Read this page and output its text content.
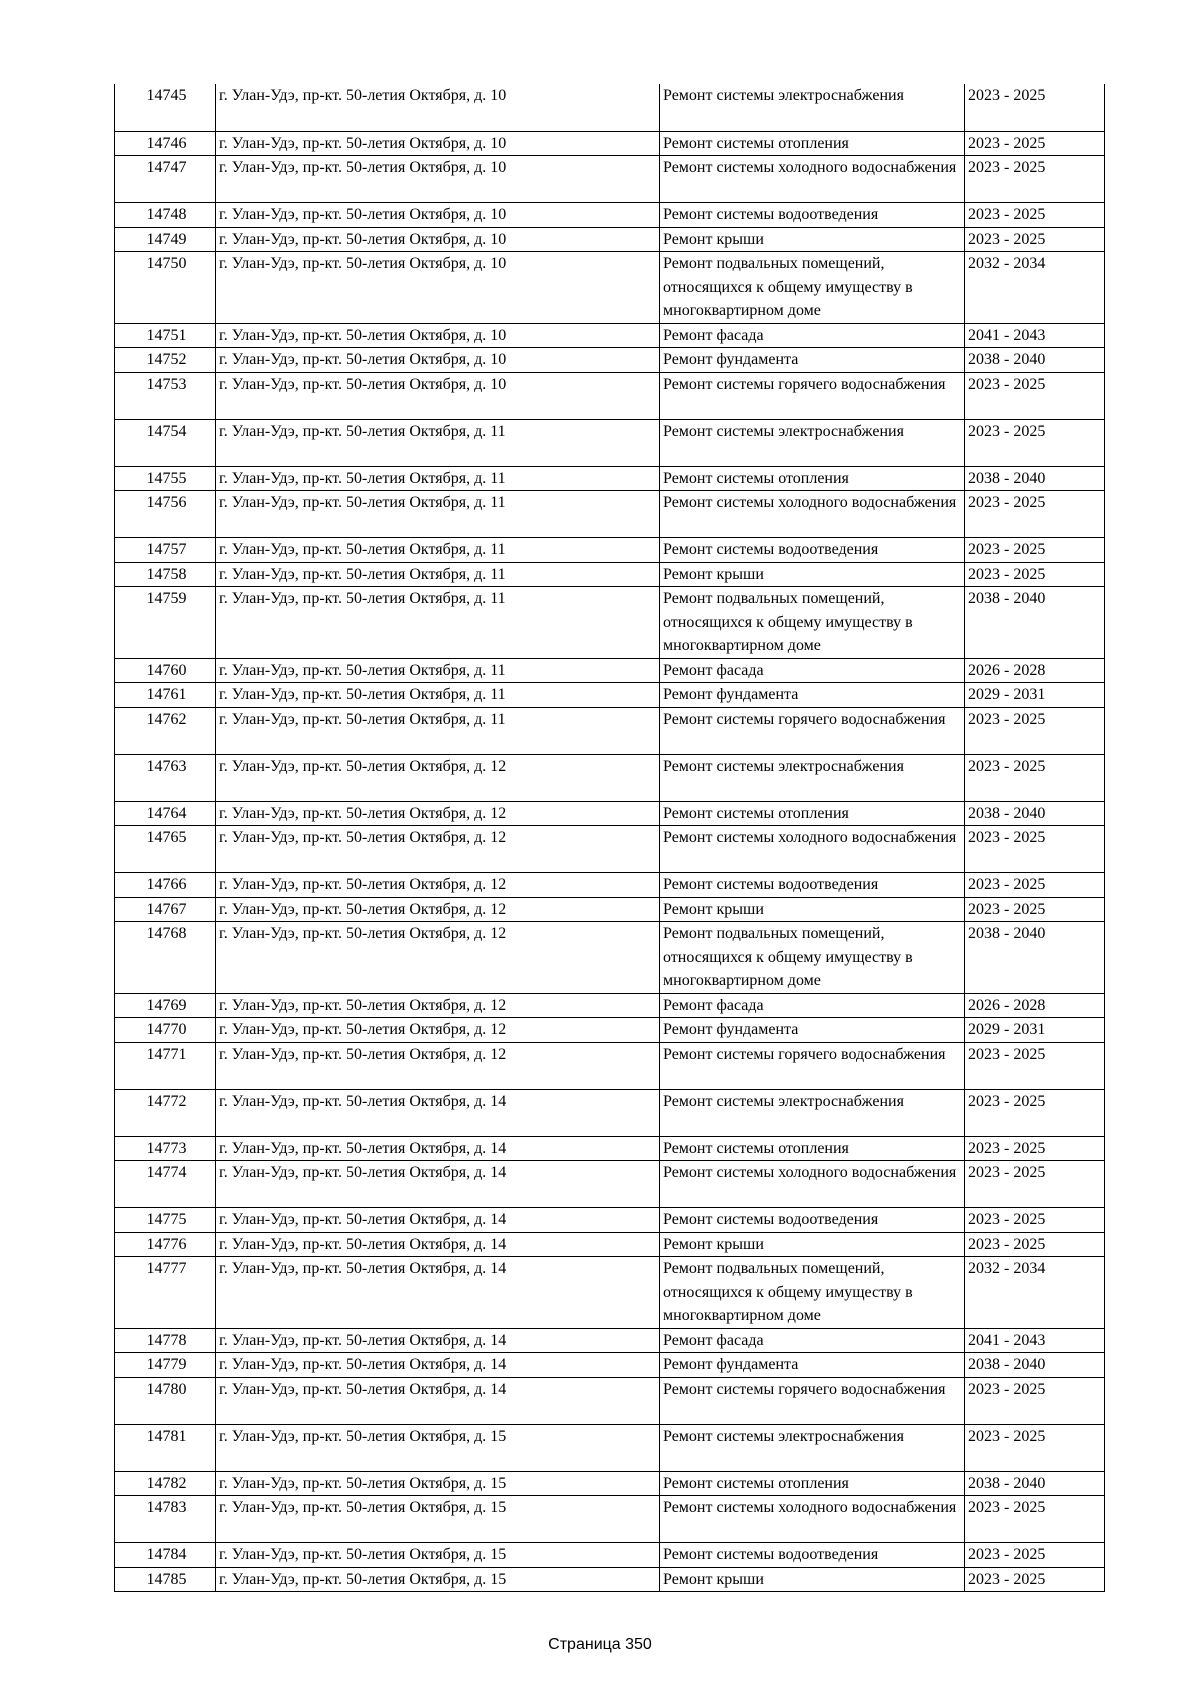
14745	г. Улан-Удэ, пр-кт. 50-летия Октября, д. 10	Ремонт системы электроснабжения	2023 - 2025
14746	г. Улан-Удэ, пр-кт. 50-летия Октября, д. 10	Ремонт системы отопления	2023 - 2025
14747	г. Улан-Удэ, пр-кт. 50-летия Октября, д. 10	Ремонт системы холодного водоснабжения	2023 - 2025
14748	г. Улан-Удэ, пр-кт. 50-летия Октября, д. 10	Ремонт системы водоотведения	2023 - 2025
14749	г. Улан-Удэ, пр-кт. 50-летия Октября, д. 10	Ремонт крыши	2023 - 2025
14750	г. Улан-Удэ, пр-кт. 50-летия Октября, д. 10	Ремонт подвальных помещений, относящихся к общему имуществу в многоквартирном доме	2032 - 2034
14751	г. Улан-Удэ, пр-кт. 50-летия Октября, д. 10	Ремонт фасада	2041 - 2043
14752	г. Улан-Удэ, пр-кт. 50-летия Октября, д. 10	Ремонт фундамента	2038 - 2040
14753	г. Улан-Удэ, пр-кт. 50-летия Октября, д. 10	Ремонт системы горячего водоснабжения	2023 - 2025
14754	г. Улан-Удэ, пр-кт. 50-летия Октября, д. 11	Ремонт системы электроснабжения	2023 - 2025
14755	г. Улан-Удэ, пр-кт. 50-летия Октября, д. 11	Ремонт системы отопления	2038 - 2040
14756	г. Улан-Удэ, пр-кт. 50-летия Октября, д. 11	Ремонт системы холодного водоснабжения	2023 - 2025
14757	г. Улан-Удэ, пр-кт. 50-летия Октября, д. 11	Ремонт системы водоотведения	2023 - 2025
14758	г. Улан-Удэ, пр-кт. 50-летия Октября, д. 11	Ремонт крыши	2023 - 2025
14759	г. Улан-Удэ, пр-кт. 50-летия Октября, д. 11	Ремонт подвальных помещений, относящихся к общему имуществу в многоквартирном доме	2038 - 2040
14760	г. Улан-Удэ, пр-кт. 50-летия Октября, д. 11	Ремонт фасада	2026 - 2028
14761	г. Улан-Удэ, пр-кт. 50-летия Октября, д. 11	Ремонт фундамента	2029 - 2031
14762	г. Улан-Удэ, пр-кт. 50-летия Октября, д. 11	Ремонт системы горячего водоснабжения	2023 - 2025
14763	г. Улан-Удэ, пр-кт. 50-летия Октября, д. 12	Ремонт системы электроснабжения	2023 - 2025
14764	г. Улан-Удэ, пр-кт. 50-летия Октября, д. 12	Ремонт системы отопления	2038 - 2040
14765	г. Улан-Удэ, пр-кт. 50-летия Октября, д. 12	Ремонт системы холодного водоснабжения	2023 - 2025
14766	г. Улан-Удэ, пр-кт. 50-летия Октября, д. 12	Ремонт системы водоотведения	2023 - 2025
14767	г. Улан-Удэ, пр-кт. 50-летия Октября, д. 12	Ремонт крыши	2023 - 2025
14768	г. Улан-Удэ, пр-кт. 50-летия Октября, д. 12	Ремонт подвальных помещений, относящихся к общему имуществу в многоквартирном доме	2038 - 2040
14769	г. Улан-Удэ, пр-кт. 50-летия Октября, д. 12	Ремонт фасада	2026 - 2028
14770	г. Улан-Удэ, пр-кт. 50-летия Октября, д. 12	Ремонт фундамента	2029 - 2031
14771	г. Улан-Удэ, пр-кт. 50-летия Октября, д. 12	Ремонт системы горячего водоснабжения	2023 - 2025
14772	г. Улан-Удэ, пр-кт. 50-летия Октября, д. 14	Ремонт системы электроснабжения	2023 - 2025
14773	г. Улан-Удэ, пр-кт. 50-летия Октября, д. 14	Ремонт системы отопления	2023 - 2025
14774	г. Улан-Удэ, пр-кт. 50-летия Октября, д. 14	Ремонт системы холодного водоснабжения	2023 - 2025
14775	г. Улан-Удэ, пр-кт. 50-летия Октября, д. 14	Ремонт системы водоотведения	2023 - 2025
14776	г. Улан-Удэ, пр-кт. 50-летия Октября, д. 14	Ремонт крыши	2023 - 2025
14777	г. Улан-Удэ, пр-кт. 50-летия Октября, д. 14	Ремонт подвальных помещений, относящихся к общему имуществу в многоквартирном доме	2032 - 2034
14778	г. Улан-Удэ, пр-кт. 50-летия Октября, д. 14	Ремонт фасада	2041 - 2043
14779	г. Улан-Удэ, пр-кт. 50-летия Октября, д. 14	Ремонт фундамента	2038 - 2040
14780	г. Улан-Удэ, пр-кт. 50-летия Октября, д. 14	Ремонт системы горячего водоснабжения	2023 - 2025
14781	г. Улан-Удэ, пр-кт. 50-летия Октября, д. 15	Ремонт системы электроснабжения	2023 - 2025
14782	г. Улан-Удэ, пр-кт. 50-летия Октября, д. 15	Ремонт системы отопления	2038 - 2040
14783	г. Улан-Удэ, пр-кт. 50-летия Октября, д. 15	Ремонт системы холодного водоснабжения	2023 - 2025
14784	г. Улан-Удэ, пр-кт. 50-летия Октября, д. 15	Ремонт системы водоотведения	2023 - 2025
14785	г. Улан-Удэ, пр-кт. 50-летия Октября, д. 15	Ремонт крыши	2023 - 2025
Страница 350
